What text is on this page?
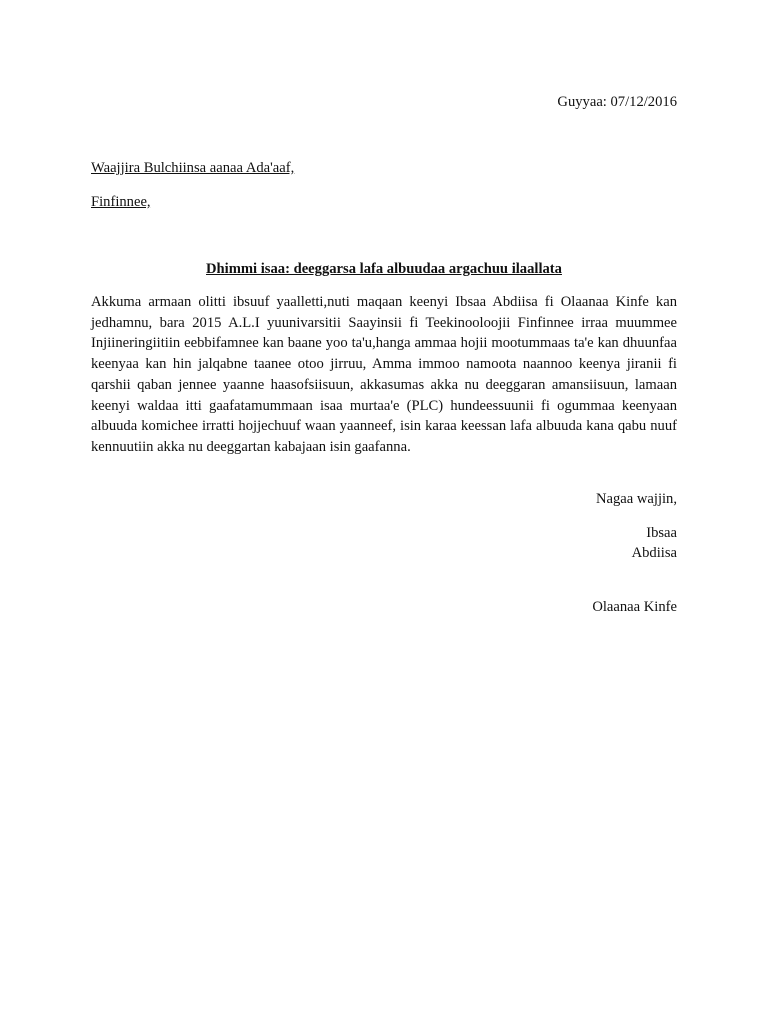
Guyyaa: 07/12/2016
Waajjira Bulchiinsa aanaa Ada'aaf,
Finfinnee,
Dhimmi isaa: deeggarsa lafa albuudaa argachuu ilaallata

Akkuma armaan olitti ibsuuf yaalletti,nuti maqaan keenyi Ibsaa Abdiisa fi Olaanaa Kinfe kan jedhamnu, bara 2015 A.L.I yuunivarsitii Saayinsii fi Teekinooloojii Finfinnee irraa muummee Injiineringiitiin eebbifamnee kan baane yoo ta'u,hanga ammaa hojii mootummaas ta'e kan dhuunfaa keenyaa kan hin jalqabne taanee otoo jirruu, Amma immoo namoota naannoo keenya jiranii fi qarshii qaban jennee yaanne haasofsiisuun, akkasumas akka nu deeggaran amansiisuun, lamaan keenyi waldaa itti gaafatamummaan isaa murtaa'e (PLC) hundeessuunii fi ogummaa keenyaan albuuda komichee irratti hojjechuuf waan yaanneef, isin karaa keessan lafa albuuda kana qabu nuuf kennuutiin akka nu deeggartan kabajaan isin gaafanna.

Nagaa wajjin,
Ibsaa
Abdiisa
Olaanaa Kinfe
